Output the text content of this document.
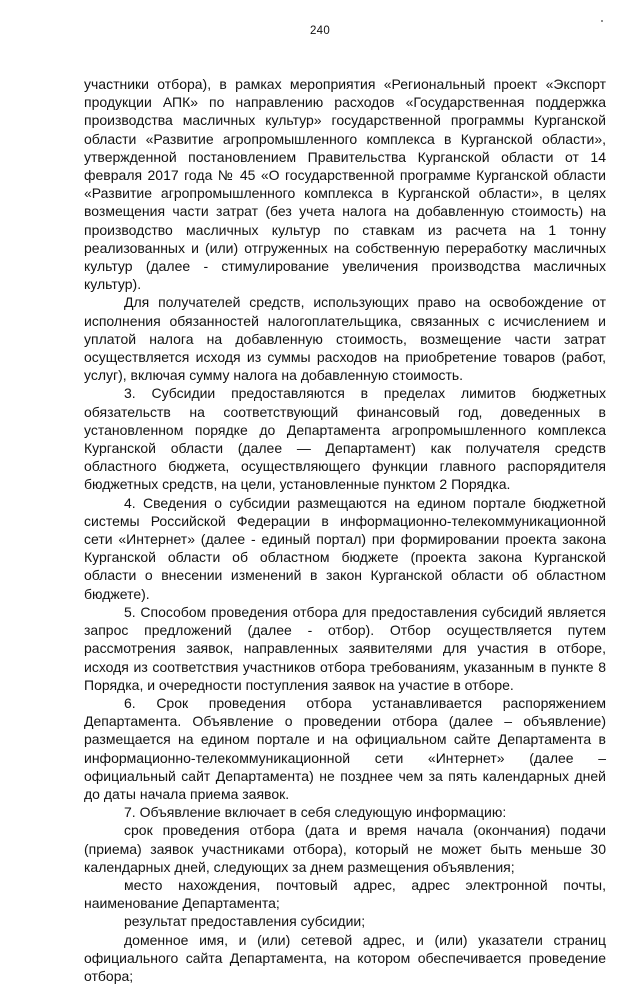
240

участники отбора), в рамках мероприятия «Региональный проект «Экспорт продукции АПК» по направлению расходов «Государственная поддержка производства масличных культур» государственной программы Курганской области «Развитие агропромышленного комплекса в Курганской области», утвержденной постановлением Правительства Курганской области от 14 февраля 2017 года № 45 «О государственной программе Курганской области «Развитие агропромышленного комплекса в Курганской области», в целях возмещения части затрат (без учета налога на добавленную стоимость) на производство масличных культур по ставкам из расчета на 1 тонну реализованных и (или) отгруженных на собственную переработку масличных культур (далее - стимулирование увеличения производства масличных культур).

Для получателей средств, использующих право на освобождение от исполнения обязанностей налогоплательщика, связанных с исчислением и уплатой налога на добавленную стоимость, возмещение части затрат осуществляется исходя из суммы расходов на приобретение товаров (работ, услуг), включая сумму налога на добавленную стоимость.

3. Субсидии предоставляются в пределах лимитов бюджетных обязательств на соответствующий финансовый год, доведенных в установленном порядке до Департамента агропромышленного комплекса Курганской области (далее — Департамент) как получателя средств областного бюджета, осуществляющего функции главного распорядителя бюджетных средств, на цели, установленные пунктом 2 Порядка.

4. Сведения о субсидии размещаются на едином портале бюджетной системы Российской Федерации в информационно-телекоммуникационной сети «Интернет» (далее - единый портал) при формировании проекта закона Курганской области об областном бюджете (проекта закона Курганской области о внесении изменений в закон Курганской области об областном бюджете).

5. Способом проведения отбора для предоставления субсидий является запрос предложений (далее - отбор). Отбор осуществляется путем рассмотрения заявок, направленных заявителями для участия в отборе, исходя из соответствия участников отбора требованиям, указанным в пункте 8 Порядка, и очередности поступления заявок на участие в отборе.

6. Срок проведения отбора устанавливается распоряжением Департамента. Объявление о проведении отбора (далее – объявление) размещается на едином портале и на официальном сайте Департамента в информационно-телекоммуникационной сети «Интернет» (далее – официальный сайт Департамента) не позднее чем за пять календарных дней до даты начала приема заявок.

7. Объявление включает в себя следующую информацию:

срок проведения отбора (дата и время начала (окончания) подачи (приема) заявок участниками отбора), который не может быть меньше 30 календарных дней, следующих за днем размещения объявления;

место нахождения, почтовый адрес, адрес электронной почты, наименование Департамента;

результат предоставления субсидии;

доменное имя, и (или) сетевой адрес, и (или) указатели страниц официального сайта Департамента, на котором обеспечивается проведение отбора;
